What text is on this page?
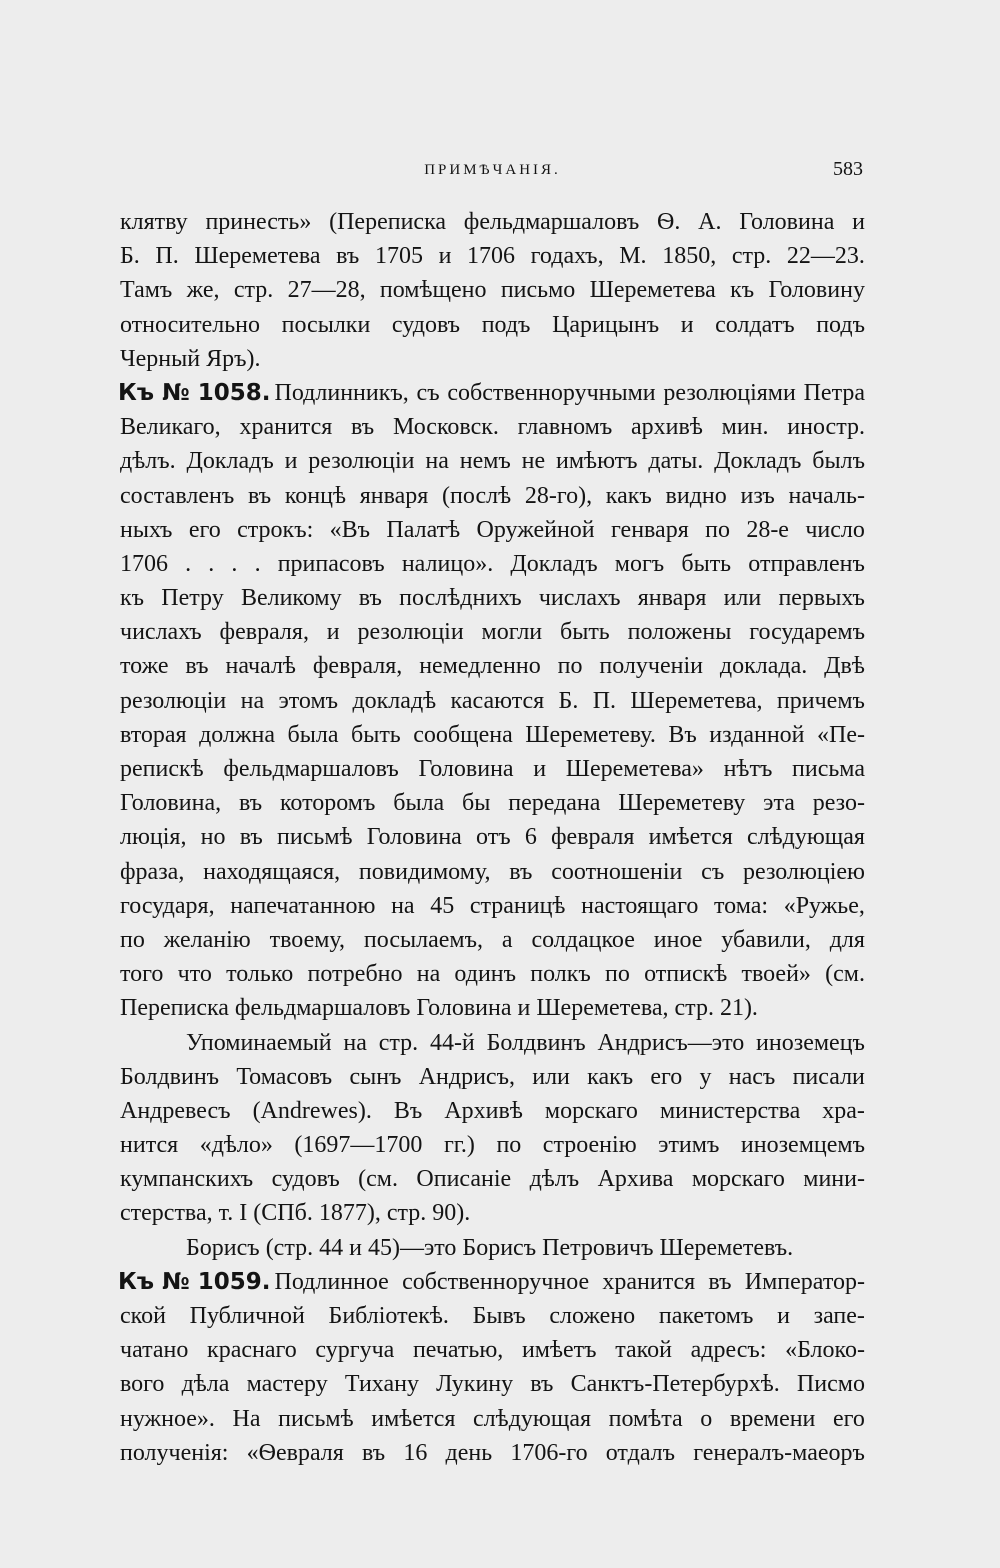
ПРИМѢЧАНІЯ.	583
клятву принесть» (Переписка фельдмаршаловъ Ѳ. А. Головина и
Б. П. Шереметева въ 1705 и 1706 годахъ, М. 1850, стр. 22—23.
Тамъ же, стр. 27—28, помѣщено письмо Шереметева къ Головину
относительно посылки судовъ подъ Царицынъ и солдатъ подъ
Черный Яръ).
Къ № 1058. Подлинникъ, съ собственноручными резолюціями Петра
Великаго, хранится въ Московск. главномъ архивѣ мин. иностр.
дѣлъ. Докладъ и резолюціи на немъ не имѣютъ даты. Докладъ былъ
составленъ въ концѣ января (послѣ 28-го), какъ видно изъ началь-
ныхъ его строкъ: «Въ Палатѣ Оружейной генваря по 28-е число
1706 . . . . припасовъ налицо». Докладъ могъ быть отправленъ
къ Петру Великому въ послѣднихъ числахъ января или первыхъ
числахъ февраля, и резолюціи могли быть положены государемъ
тоже въ началѣ февраля, немедленно по полученіи доклада. Двѣ
резолюціи на этомъ докладѣ касаются Б. П. Шереметева, причемъ
вторая должна была быть сообщена Шереметеву. Въ изданной «Пе-
репискѣ фельдмаршаловъ Головина и Шереметева» нѣтъ письма
Головина, въ которомъ была бы передана Шереметеву эта резо-
люція, но въ письмѣ Головина отъ 6 февраля имѣется слѣдующая
фраза, находящаяся, повидимому, въ соотношеніи съ резолюціею
государя, напечатанною на 45 страницѣ настоящаго тома: «Ружье,
по желанію твоему, посылаемъ, а солдацкое иное убавили, для
того что только потребно на одинъ полкъ по отпискѣ твоей» (см.
Переписка фельдмаршаловъ Головина и Шереметева, стр. 21).
Упоминаемый на стр. 44-й Болдвинъ Андрисъ—это иноземецъ
Болдвинъ Томасовъ сынъ Андрисъ, или какъ его у насъ писали
Андревесъ (Andrewes). Въ Архивѣ морскаго министерства хра-
нится «дѣло» (1697—1700 гг.) по строенію этимъ иноземцемъ
кумпанскихъ судовъ (см. Описаніе дѣлъ Архива морскаго мини-
стерства, т. I (СПб. 1877), стр. 90).
Борисъ (стр. 44 и 45)—это Борисъ Петровичъ Шереметевъ.
Къ № 1059. Подлинное собственноручное хранится въ Император-
ской Публичной Библіотекѣ. Бывъ сложено пакетомъ и запе-
чатано краснаго сургуча печатью, имѣетъ такой адресъ: «Блоко-
вого дѣла мастеру Тихану Лукину въ Санктъ-Петербурхѣ. Писмо
нужное». На письмѣ имѣется слѣдующая помѣта о времени его
полученія: «Ѳевраля въ 16 день 1706-го отдалъ генералъ-маеоръ
